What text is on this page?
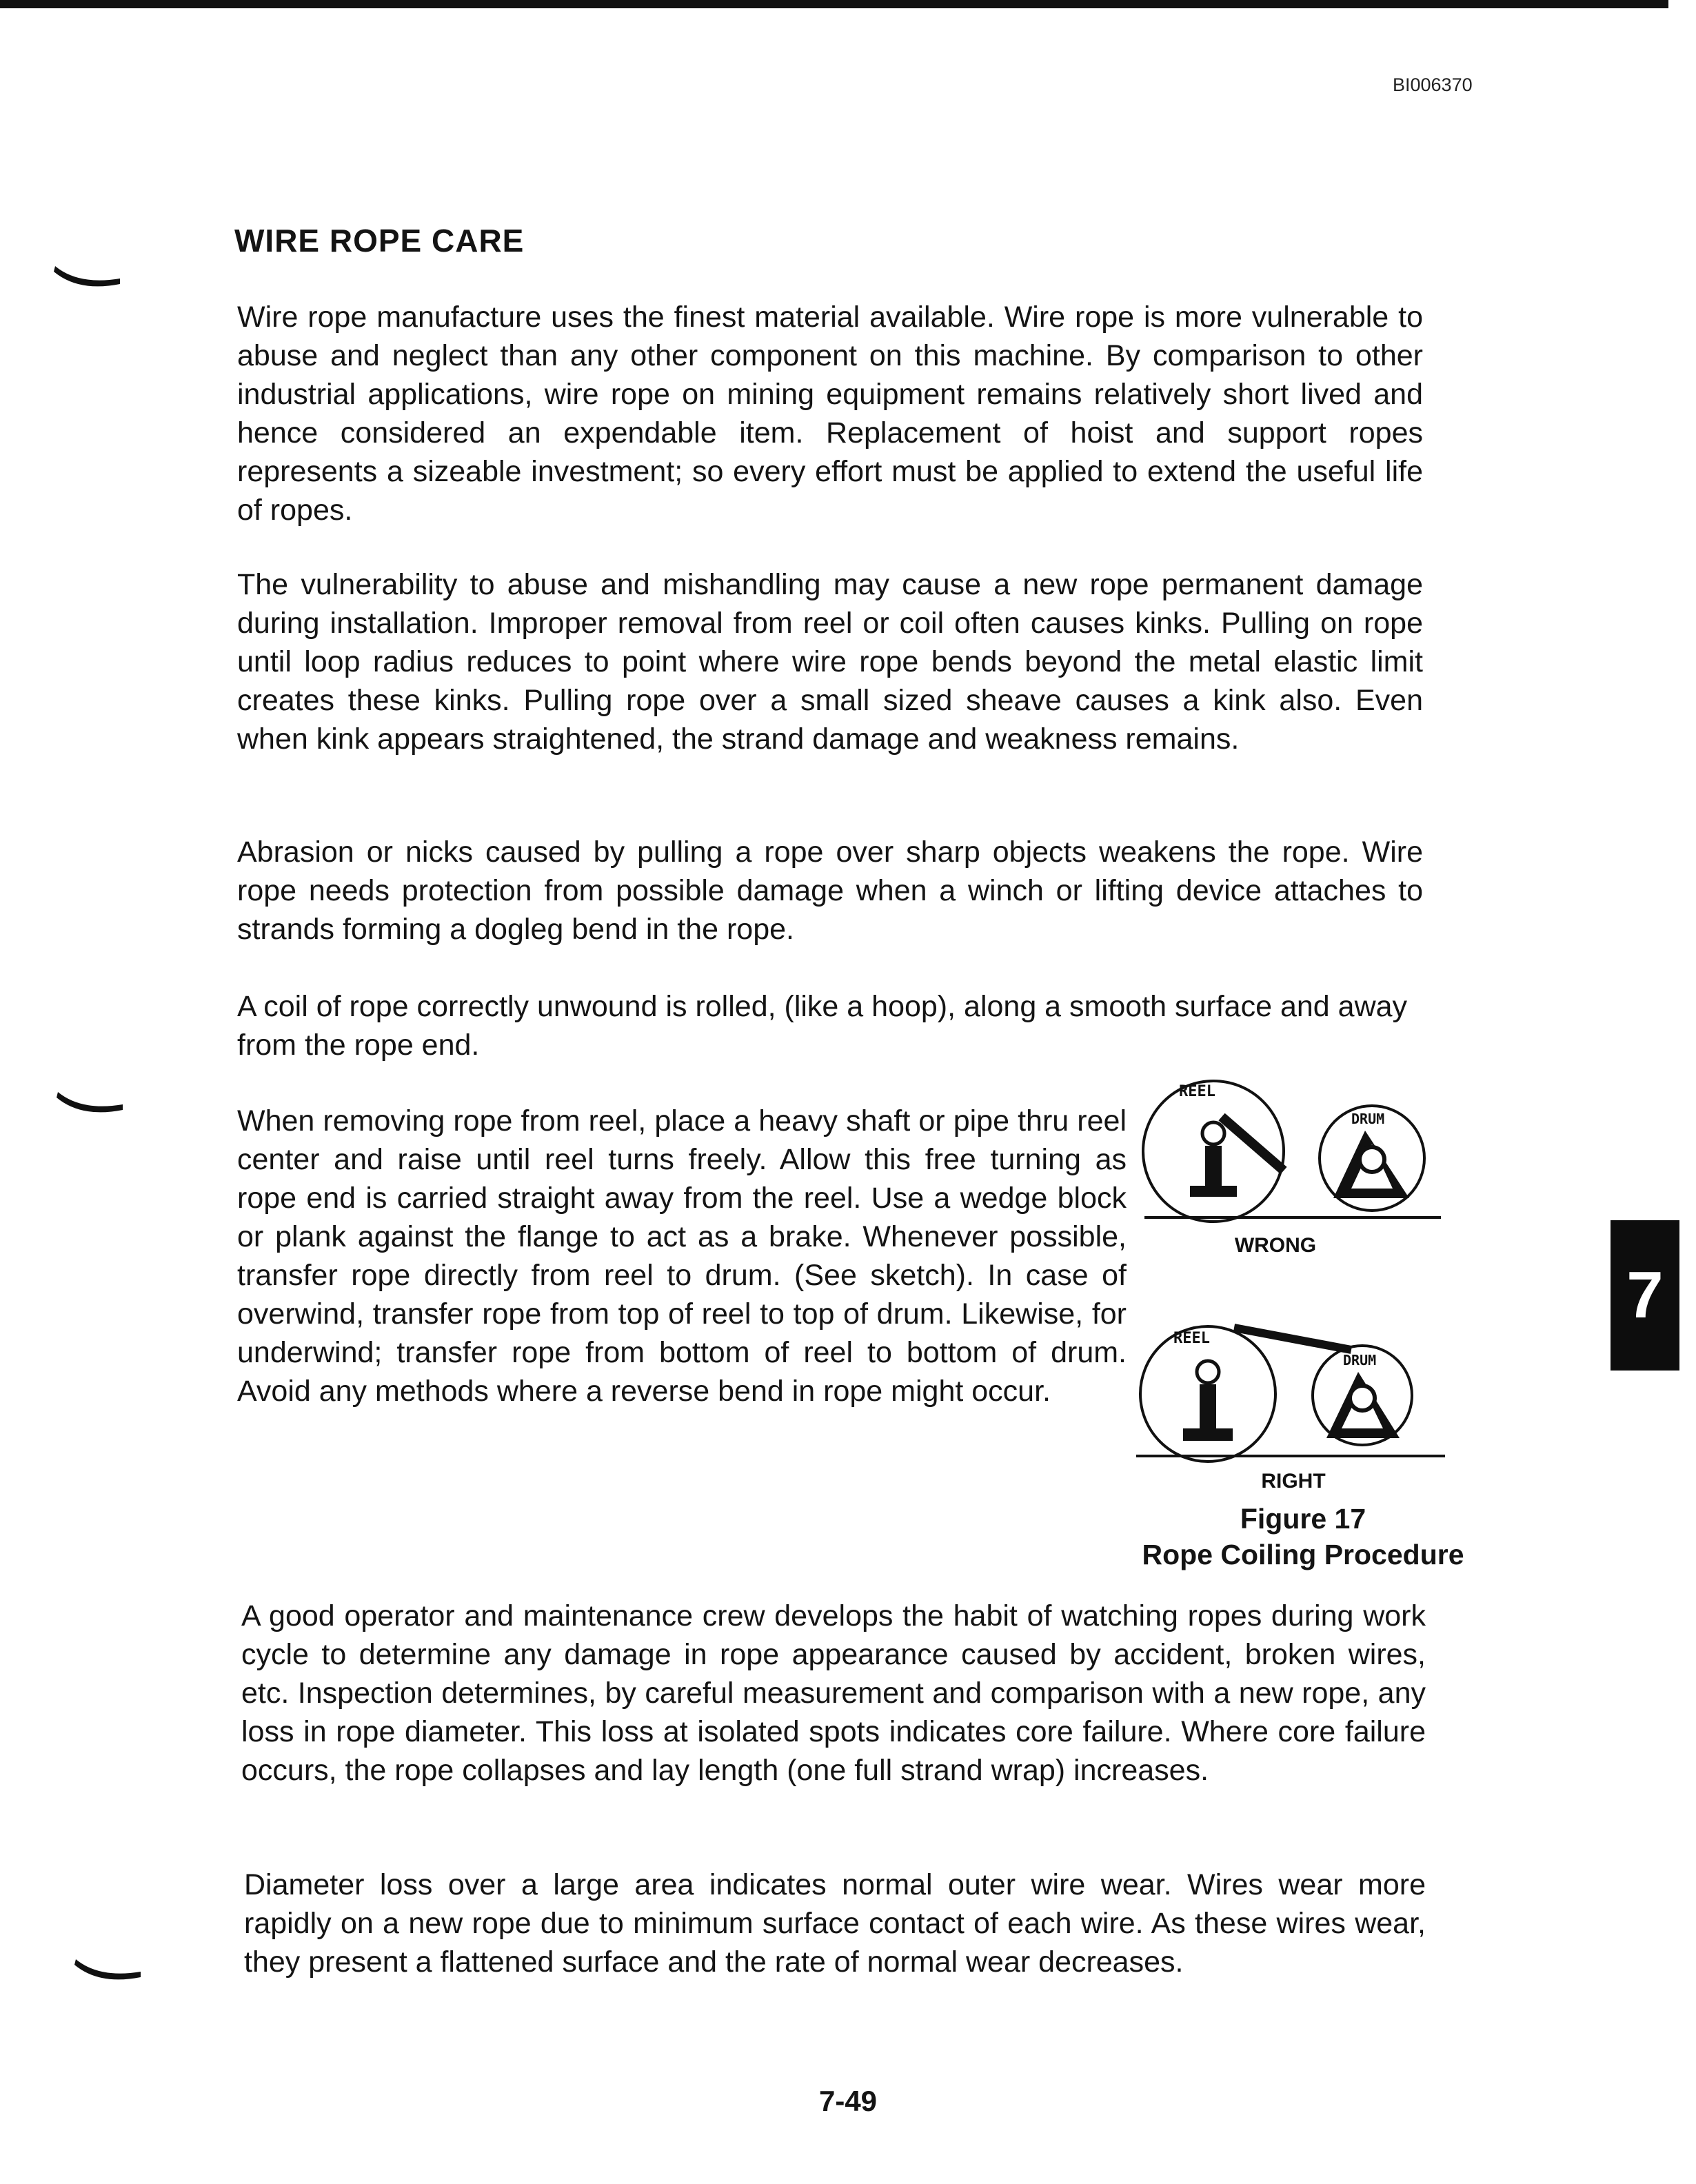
BI006370
WIRE ROPE CARE

Wire rope manufacture uses the finest material available. Wire rope is more vulnerable to abuse and neglect than any other component on this machine. By comparison to other industrial applications, wire rope on mining equipment remains relatively short lived and hence considered an expendable item. Replacement of hoist and support ropes represents a sizeable investment; so every effort must be applied to extend the useful life of ropes.

The vulnerability to abuse and mishandling may cause a new rope permanent damage during installation. Improper removal from reel or coil often causes kinks. Pulling on rope until loop radius reduces to point where wire rope bends beyond the metal elastic limit creates these kinks. Pulling rope over a small sized sheave causes a kink also. Even when kink appears straightened, the strand damage and weakness remains.

Abrasion or nicks caused by pulling a rope over sharp objects weakens the rope. Wire rope needs protection from possible damage when a winch or lifting device attaches to strands forming a dogleg bend in the rope.

A coil of rope correctly unwound is rolled, (like a hoop), along a smooth surface and away from the rope end.

When removing rope from reel, place a heavy shaft or pipe thru reel center and raise until reel turns freely. Allow this free turning as rope end is carried straight away from the reel. Use a wedge block or plank against the flange to act as a brake. Whenever possible, transfer rope directly from reel to drum. (See sketch). In case of overwind, transfer rope from top of reel to top of drum. Likewise, for underwind; transfer rope from bottom of reel to bottom of drum. Avoid any methods where a reverse bend in rope might occur.

REEL
DRUM
WRONG
REEL
DRUM
RIGHT
Figure 17
Rope Coiling Procedure
7

A good operator and maintenance crew develops the habit of watching ropes during work cycle to determine any damage in rope appearance caused by accident, broken wires, etc. Inspection determines, by careful measurement and comparison with a new rope, any loss in rope diameter. This loss at isolated spots indicates core failure. Where core failure occurs, the rope collapses and lay length (one full strand wrap) increases.

Diameter loss over a large area indicates normal outer wire wear. Wires wear more rapidly on a new rope due to minimum surface contact of each wire. As these wires wear, they present a flattened surface and the rate of normal wear decreases.

7-49
